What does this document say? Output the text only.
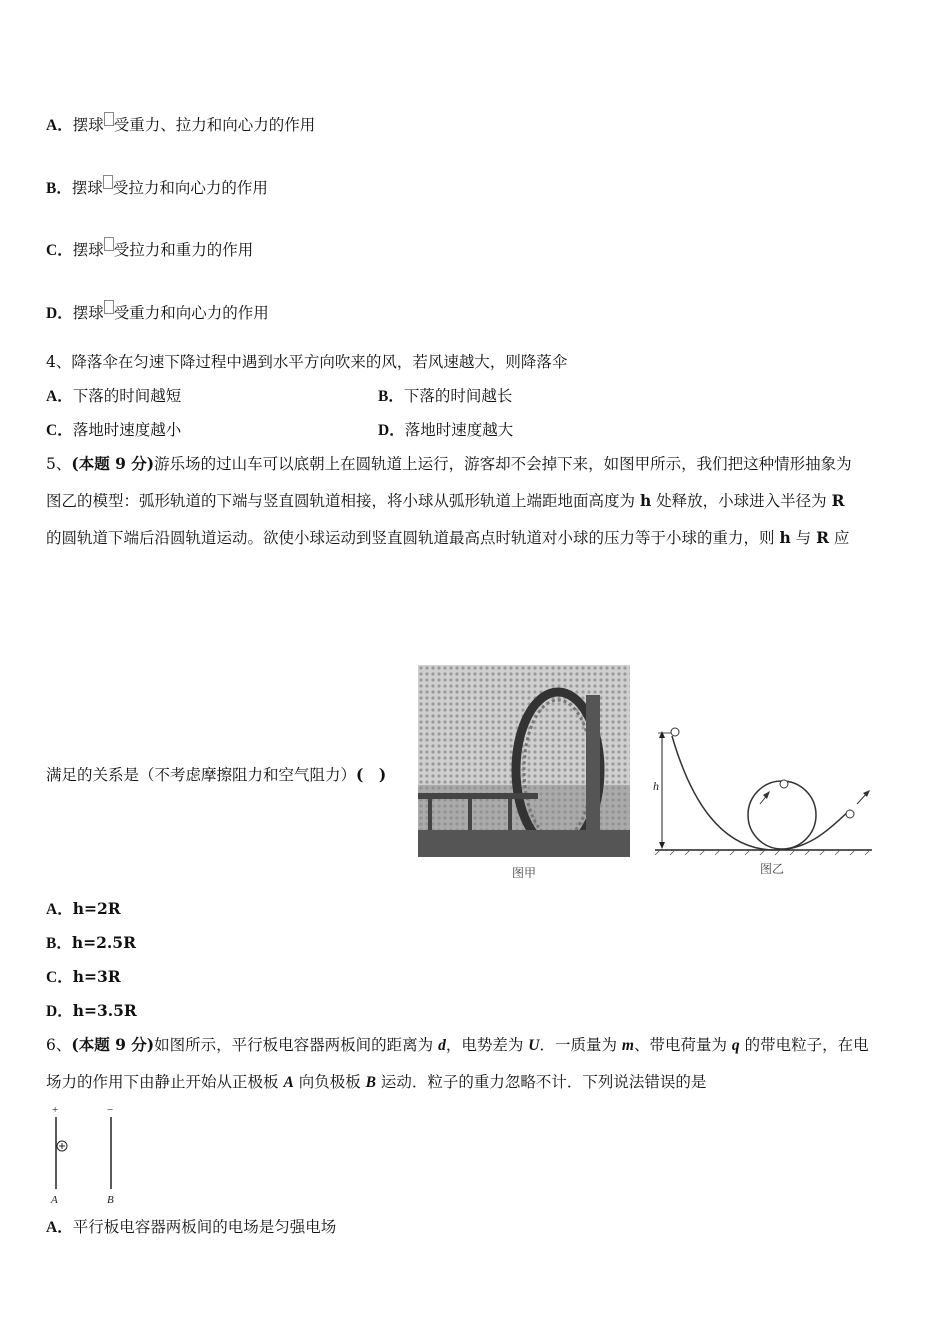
A．摆球 受重力、拉力和向心力的作用
B．摆球 受拉力和向心力的作用
C．摆球 受拉力和重力的作用
D．摆球 受重力和向心力的作用
4、降落伞在匀速下降过程中遇到水平方向吹来的风，若风速越大，则降落伞
A．下落的时间越短	B．下落的时间越长
C．落地时速度越小	D．落地时速度越大
5、(本题 9 分)游乐场的过山车可以底朝上在圆轨道上运行，游客却不会掉下来，如图甲所示，我们把这种情形抽象为
图乙的模型：弧形轨道的下端与竖直圆轨道相接，将小球从弧形轨道上端距地面高度为 h 处释放，小球进入半径为 R
的圆轨道下端后沿圆轨道运动。欲使小球运动到竖直圆轨道最高点时轨道对小球的压力等于小球的重力，则 h 与 R 应
满足的关系是（不考虑摩擦阻力和空气阻力）(　)
图甲
h
图乙
A．h=2R
B．h=2.5R
C．h=3R
D．h=3.5R
6、(本题 9 分)如图所示，平行板电容器两板间的距离为 d，电势差为 U．一质量为 m、带电荷量为 q 的带电粒子，在电
场力的作用下由静止开始从正极板 A 向负极板 B 运动．粒子的重力忽略不计．下列说法错误的是
+	−
A	B
A．平行板电容器两板间的电场是匀强电场
